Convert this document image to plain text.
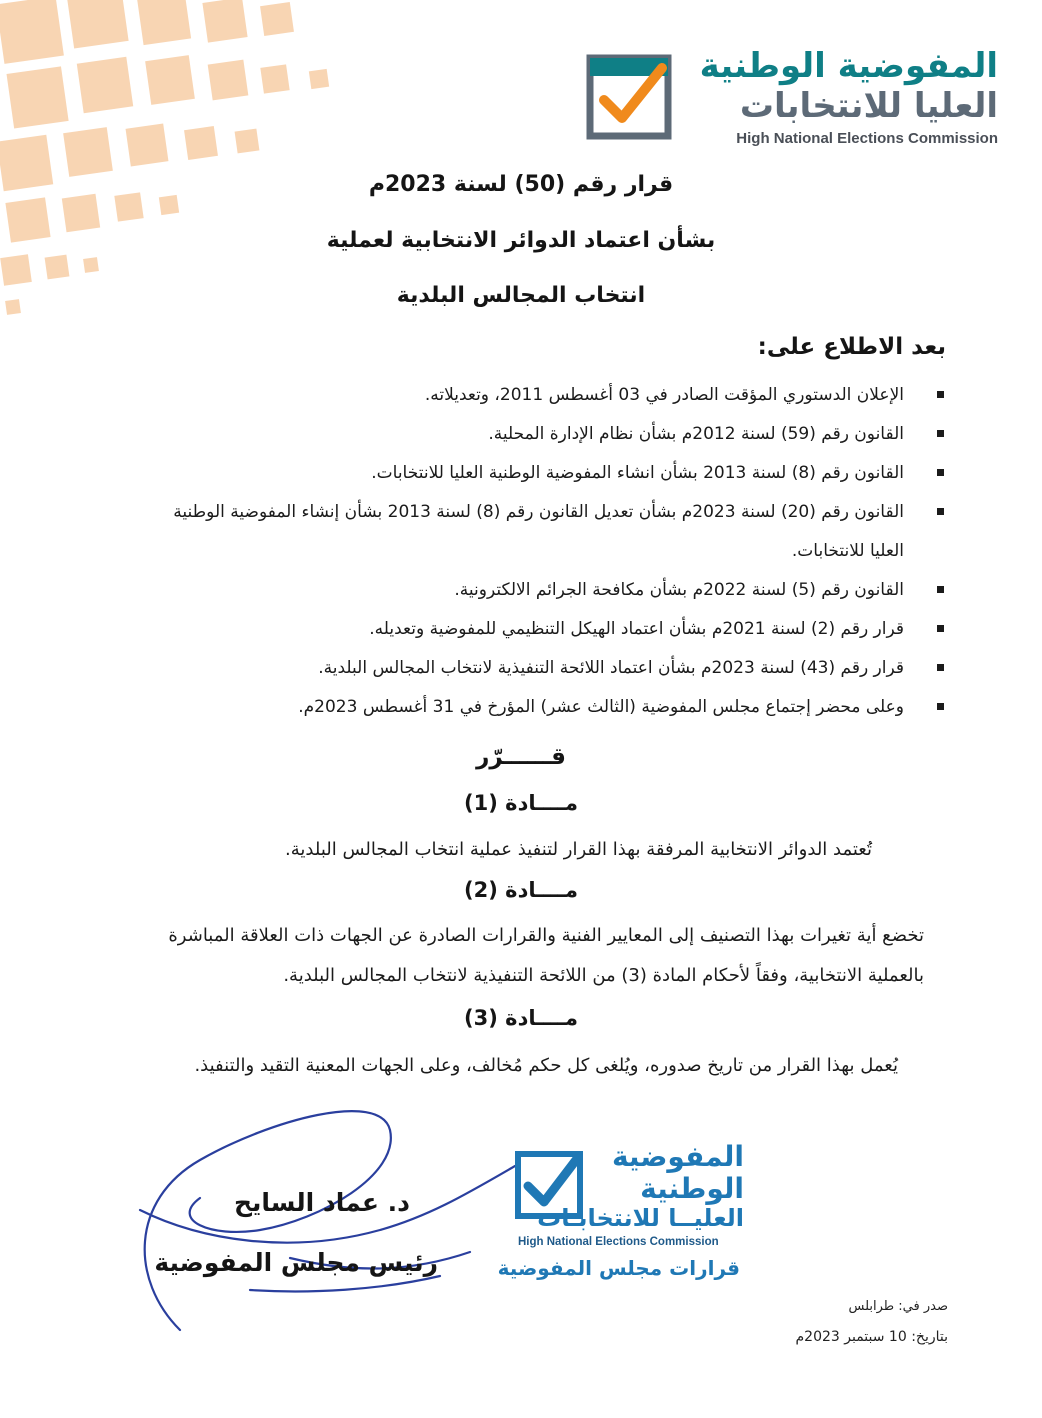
المفوضية الوطنية
العليا للانتخابات
High National Elections Commission
قرار رقم (50) لسنة 2023م
بشأن اعتماد الدوائر الانتخابية لعملية
انتخاب المجالس البلدية
بعد الاطلاع على:
الإعلان الدستوري المؤقت الصادر في 03 أغسطس 2011، وتعديلاته.
القانون رقم (59) لسنة 2012م بشأن نظام الإدارة المحلية.
القانون رقم (8) لسنة 2013 بشأن انشاء المفوضية الوطنية العليا للانتخابات.
القانون رقم (20) لسنة 2023م بشأن تعديل القانون رقم (8) لسنة 2013 بشأن إنشاء المفوضية الوطنية العليا للانتخابات.
القانون رقم (5) لسنة 2022م بشأن مكافحة الجرائم الالكترونية.
قرار رقم (2) لسنة 2021م بشأن اعتماد الهيكل التنظيمي للمفوضية وتعديله.
قرار رقم (43) لسنة 2023م بشأن اعتماد اللائحة التنفيذية لانتخاب المجالس البلدية.
وعلى محضر إجتماع مجلس المفوضية (الثالث عشر) المؤرخ في 31 أغسطس 2023م.
قــــــرّر
مــــادة (1)
تُعتمد الدوائر الانتخابية المرفقة بهذا القرار لتنفيذ عملية انتخاب المجالس البلدية.
مــــادة (2)
تخضع أية تغيرات بهذا التصنيف إلى المعايير الفنية والقرارات الصادرة عن الجهات ذات العلاقة المباشرة بالعملية الانتخابية، وفقاً لأحكام المادة (3) من اللائحة التنفيذية لانتخاب المجالس البلدية.
مــــادة (3)
يُعمل بهذا القرار من تاريخ صدوره، ويُلغى كل حكم مُخالف، وعلى الجهات المعنية التقيد والتنفيذ.
د. عماد السايح
رئيس مجلس المفوضية
المفوضية
الوطنية
العليــا للانتخابـات
High National Elections Commission
قرارات مجلس المفوضية
صدر في: طرابلس
بتاريخ: 10 سبتمبر 2023م
